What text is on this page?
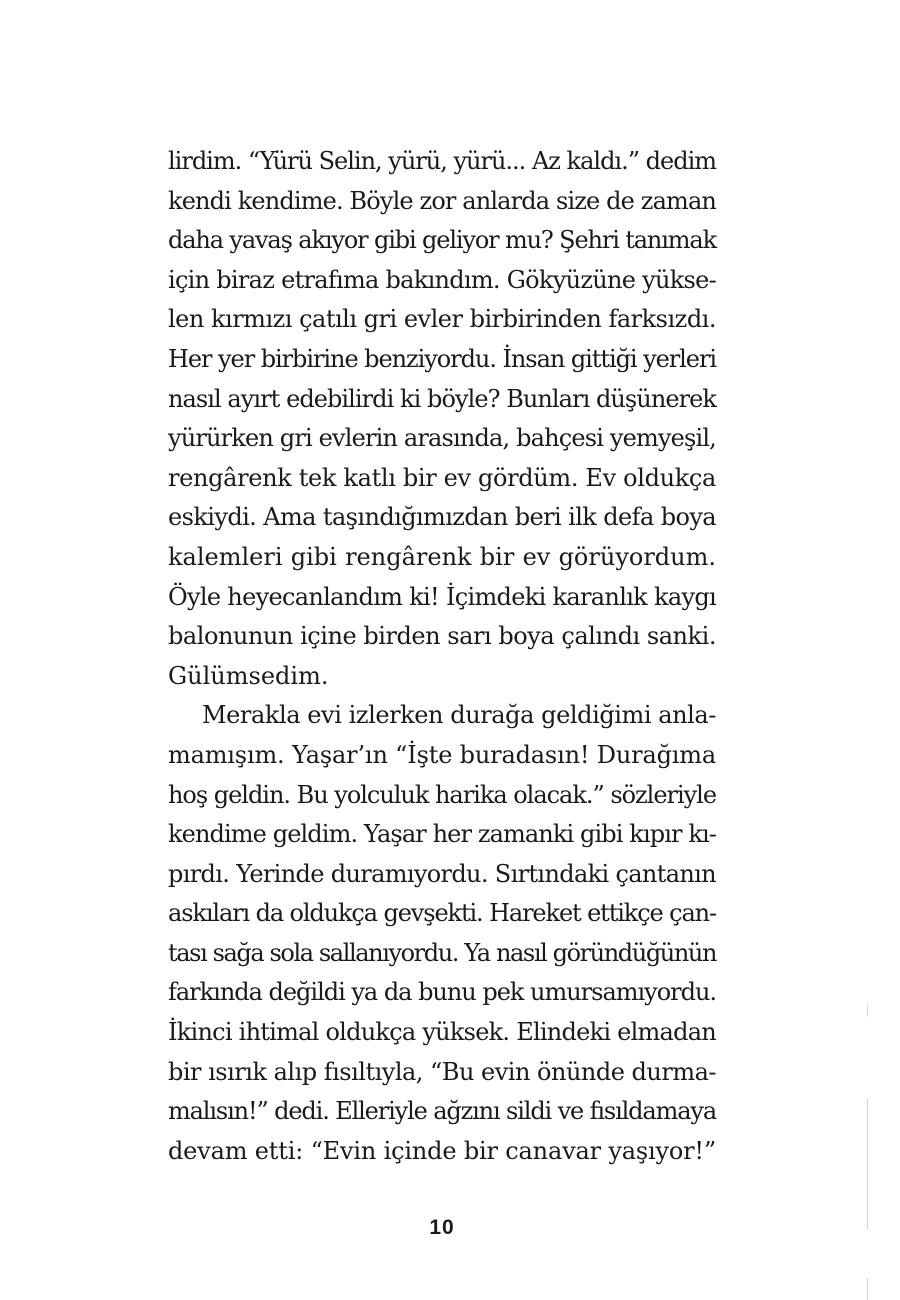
lirdim. “Yürü Selin, yürü, yürü... Az kaldı.” dedim
kendi kendime. Böyle zor anlarda size de zaman
daha yavaş akıyor gibi geliyor mu? Şehri tanımak
için biraz etrafıma bakındım. Gökyüzüne yükse-
len kırmızı çatılı gri evler birbirinden farksızdı.
Her yer birbirine benziyordu. İnsan gittiği yerleri
nasıl ayırt edebilirdi ki böyle? Bunları düşünerek
yürürken gri evlerin arasında, bahçesi yemyeşil,
rengârenk tek katlı bir ev gördüm. Ev oldukça
eskiydi. Ama taşındığımızdan beri ilk defa boya
kalemleri gibi rengârenk bir ev görüyordum.
Öyle heyecanlandım ki! İçimdeki karanlık kaygı
balonunun içine birden sarı boya çalındı sanki.
Gülümsedim.
Merakla evi izlerken durağa geldiğimi anla-
mamışım. Yaşar’ın “İşte buradasın! Durağıma
hoş geldin. Bu yolculuk harika olacak.” sözleriyle
kendime geldim. Yaşar her zamanki gibi kıpır kı-
pırdı. Yerinde duramıyordu. Sırtındaki çantanın
askıları da oldukça gevşekti. Hareket ettikçe çan-
tası sağa sola sallanıyordu. Ya nasıl göründüğünün
farkında değildi ya da bunu pek umursamıyordu.
İkinci ihtimal oldukça yüksek. Elindeki elmadan
bir ısırık alıp fısıltıyla, “Bu evin önünde durma-
malısın!” dedi. Elleriyle ağzını sildi ve fısıldamaya
devam etti: “Evin içinde bir canavar yaşıyor!”
10
